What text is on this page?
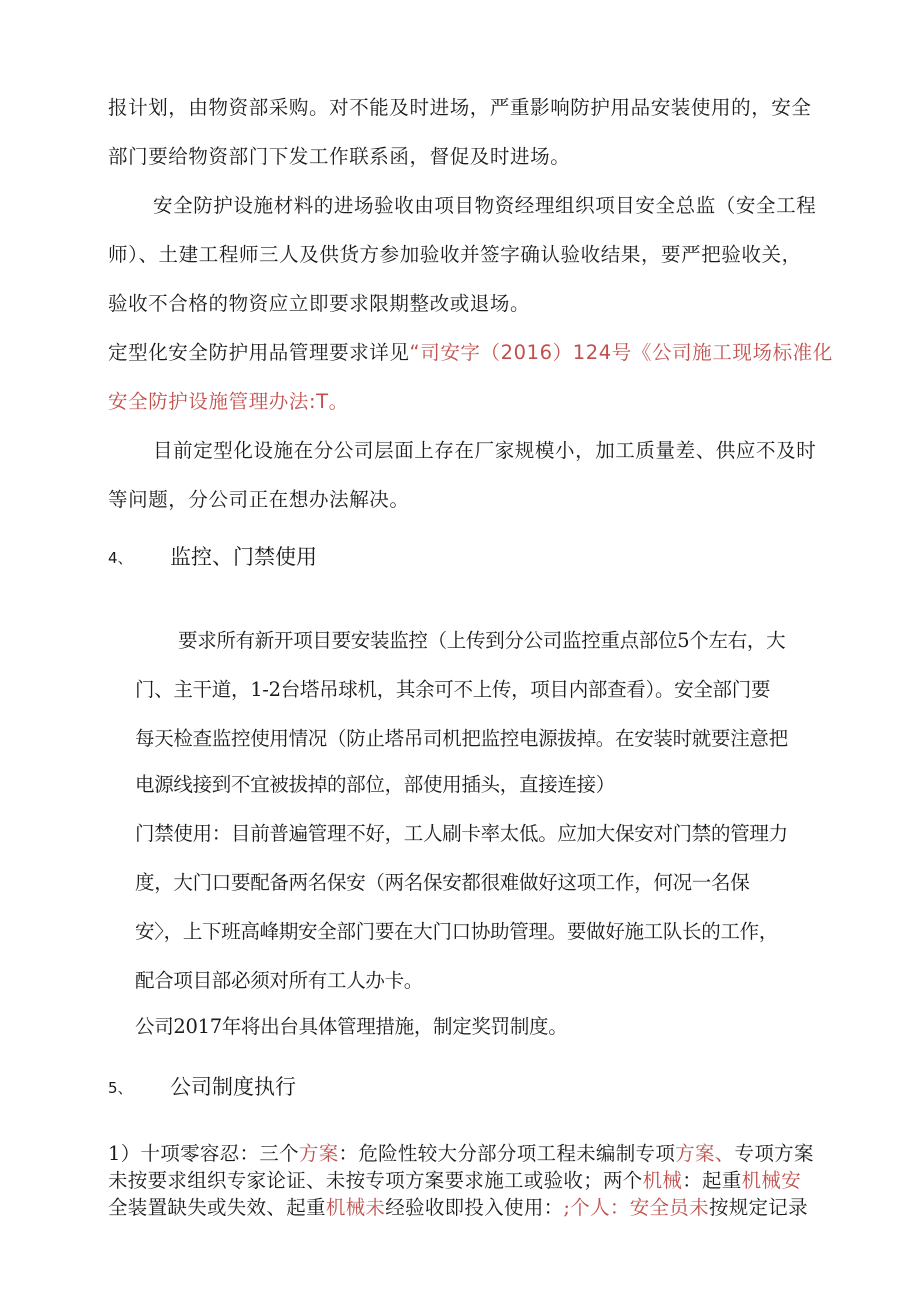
报计划，由物资部采购。对不能及时进场，严重影响防护用品安装使用的，安全
部门要给物资部门下发工作联系函，督促及时进场。
安全防护设施材料的进场验收由项目物资经理组织项目安全总监（安全工程
师）、土建工程师三人及供货方参加验收并签字确认验收结果，要严把验收关，
验收不合格的物资应立即要求限期整改或退场。
定型化安全防护用品管理要求详见“司安字（2016）124号《公司施工现场标准化
安全防护设施管理办法:T。
目前定型化设施在分公司层面上存在厂家规模小，加工质量差、供应不及时
等问题，分公司正在想办法解决。
4、 监控、门禁使用
要求所有新开项目要安装监控（上传到分公司监控重点部位5个左右，大
门、主干道，1-2台塔吊球机，其余可不上传，项目内部查看）。安全部门要
每天检查监控使用情况（防止塔吊司机把监控电源拔掉。在安装时就要注意把
电源线接到不宜被拔掉的部位，部使用插头，直接连接）
门禁使用：目前普遍管理不好，工人刷卡率太低。应加大保安对门禁的管理力
度，大门口要配备两名保安（两名保安都很难做好这项工作，何况一名保
安〉，上下班高峰期安全部门要在大门口协助管理。要做好施工队长的工作，
配合项目部必须对所有工人办卡。
公司2017年将出台具体管理措施，制定奖罚制度。
5、 公司制度执行
1）十项零容忍：三个方案：危险性较大分部分项工程未编制专项方案、专项方案
未按要求组织专家论证、未按专项方案要求施工或验收；两个机械：起重机械安
全装置缺失或失效、起重机械未经验收即投入使用：;个人：安全员未按规定记录
